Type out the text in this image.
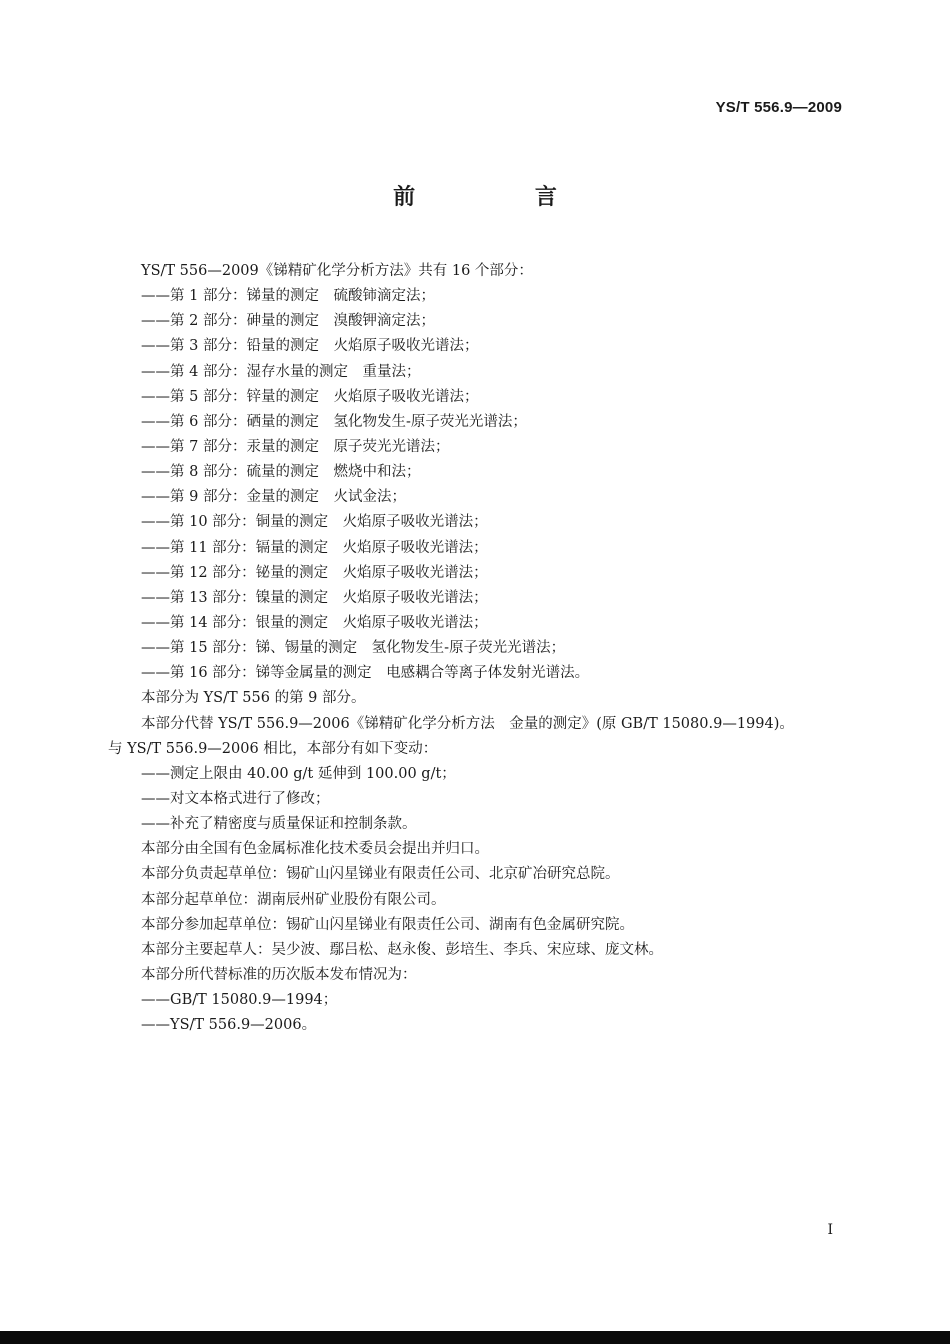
YS/T 556.9—2009
前 言
YS/T 556—2009《锑精矿化学分析方法》共有 16 个部分：
——第 1 部分：锑量的测定　硫酸铈滴定法；
——第 2 部分：砷量的测定　溴酸钾滴定法；
——第 3 部分：铅量的测定　火焰原子吸收光谱法；
——第 4 部分：湿存水量的测定　重量法；
——第 5 部分：锌量的测定　火焰原子吸收光谱法；
——第 6 部分：硒量的测定　氢化物发生-原子荧光光谱法；
——第 7 部分：汞量的测定　原子荧光光谱法；
——第 8 部分：硫量的测定　燃烧中和法；
——第 9 部分：金量的测定　火试金法；
——第 10 部分：铜量的测定　火焰原子吸收光谱法；
——第 11 部分：镉量的测定　火焰原子吸收光谱法；
——第 12 部分：铋量的测定　火焰原子吸收光谱法；
——第 13 部分：镍量的测定　火焰原子吸收光谱法；
——第 14 部分：银量的测定　火焰原子吸收光谱法；
——第 15 部分：锑、锡量的测定　氢化物发生-原子荧光光谱法；
——第 16 部分：锑等金属量的测定　电感耦合等离子体发射光谱法。
本部分为 YS/T 556 的第 9 部分。
本部分代替 YS/T 556.9—2006《锑精矿化学分析方法　金量的测定》(原 GB/T 15080.9—1994)。
与 YS/T 556.9—2006 相比，本部分有如下变动：
——测定上限由 40.00 g/t 延伸到 100.00 g/t；
——对文本格式进行了修改；
——补充了精密度与质量保证和控制条款。
本部分由全国有色金属标准化技术委员会提出并归口。
本部分负责起草单位：锡矿山闪星锑业有限责任公司、北京矿冶研究总院。
本部分起草单位：湖南辰州矿业股份有限公司。
本部分参加起草单位：锡矿山闪星锑业有限责任公司、湖南有色金属研究院。
本部分主要起草人：吴少波、鄢吕松、赵永俊、彭培生、李兵、宋应球、庞文林。
本部分所代替标准的历次版本发布情况为：
——GB/T 15080.9—1994；
——YS/T 556.9—2006。
I
